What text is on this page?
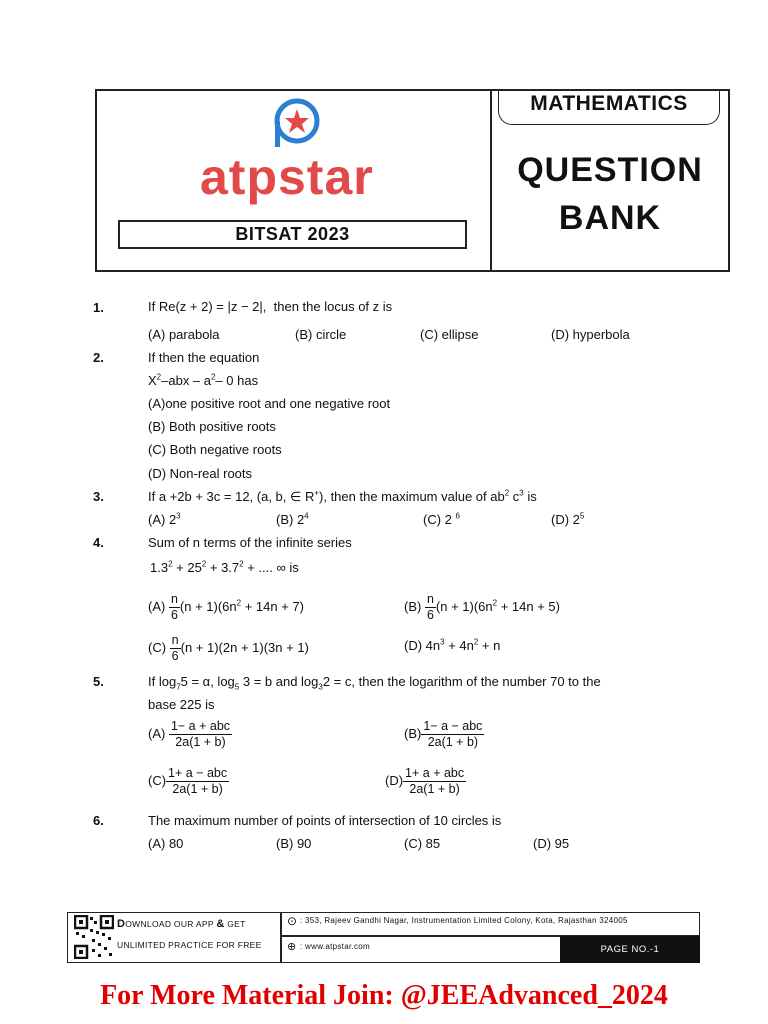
atpstar
BITSAT 2023
MATHEMATICS
QUESTION
BANK
1.	If Re(z + 2) = |z − 2|, then the locus of z is
(A) parabola	(B) circle	(C) ellipse	(D) hyperbola
2.	If then the equation
$X^2$–abx – $a^2-$ 0 has
(A)one positive root and one negative root
(B) Both positive roots
(C) Both negative roots
(D) Non-real roots
3.	If a +2b + 3c = 12, (a, b, ∈ R+), then the maximum value of $ab^2$ $c^3$ is
(A) $2^3$	(B) $2^4$	(C) 2 $^6$	(D) $2^5$
4.	Sum of n terms of the infinite series
$1.3^2 + 25^2 + 3.7^2$ + .... ∞ is
$(A) \frac{n}{6} (n + 1)(6n^2 + 14n + 7)$	$(B) \frac{n}{6} (n + 1)(6n^2 + 14n + 5)$
$(C) \frac{n}{6} (n + 1)(2n + 1)(3n + 1)$	(D) $4n^3 + 4n^2 + n$
5.	If $\log_75 = \alpha$, $\log_5 3 = b$ and $\log_32 = c$, then the logarithm of the number 70 to the
base 225 is
$(A) \frac{\text{1− a + abc}}{2a(1 + b)}$	$(B) \frac{\text{1− a − abc}}{2a(1 + b)}$
$(C) \frac{\text{1+ a − abc}}{2a(1 + b)}$	$(D) \frac{\text{1+ a + abc}}{2a(1 + b)}$
6.	The maximum number of points of intersection of 10 circles is
(A) 80	(B) 90	(C) 85	(D) 95
DOWNLOAD OUR APP & GET
UNLIMITED PRACTICE FOR FREE
⊙ : 353, Rajeev Gandhi Nagar, Instrumentation Limited Colony, Kota, Rajasthan 324005
⊕ : www.atpstar.com	PAGE NO.-1
For More Material Join: @JEEAdvanced_2024
